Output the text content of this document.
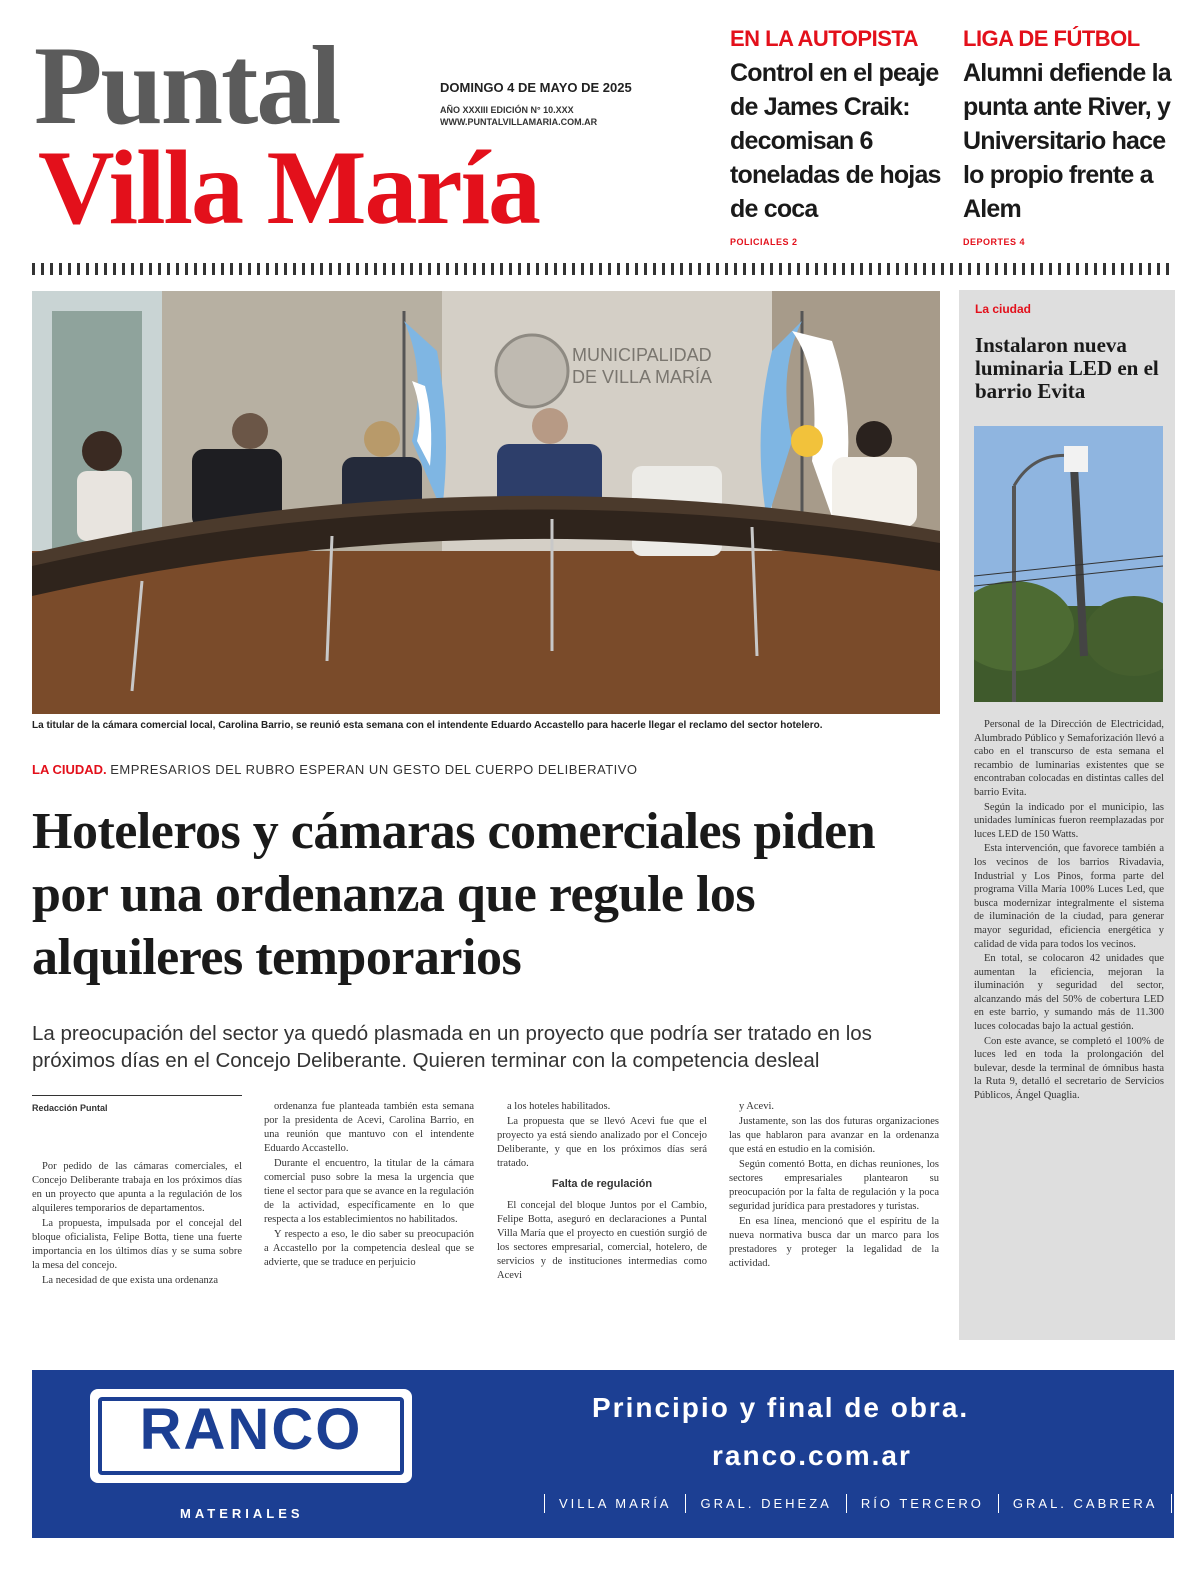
Puntal
Villa María
DOMINGO 4 DE MAYO DE 2025
AÑO XXXIII EDICIÓN N° 10.XXX
WWW.PUNTALVILLAMARIA.COM.AR
EN LA AUTOPISTA
Control en el peaje de James Craik: decomisan 6 toneladas de hojas de coca
POLICIALES 2
LIGA DE FÚTBOL
Alumni defiende la punta ante River, y Universitario hace lo propio frente a Alem
DEPORTES 4
MUNICIPALIDAD
DE VILLA MARÍA
La titular de la cámara comercial local, Carolina Barrio, se reunió esta semana con el intendente Eduardo Accastello para hacerle llegar el reclamo del sector hotelero.
LA CIUDAD. EMPRESARIOS DEL RUBRO ESPERAN UN GESTO DEL CUERPO DELIBERATIVO
Hoteleros y cámaras comerciales piden por una ordenanza que regule los alquileres temporarios
La preocupación del sector ya quedó plasmada en un proyecto que podría ser tratado en los próximos días en el Concejo Deliberante. Quieren terminar con la competencia desleal
Redacción Puntal

Por pedido de las cámaras comerciales, el Concejo Deliberante trabaja en los próximos días en un proyecto que apunta a la regulación de los alquileres temporarios de departamentos.

La propuesta, impulsada por el concejal del bloque oficialista, Felipe Botta, tiene una fuerte importancia en los últimos días y se suma sobre la mesa del concejo.

La necesidad de que exista una ordenanza

ordenanza fue planteada también esta semana por la presidenta de Acevi, Carolina Barrio, en una reunión que mantuvo con el intendente Eduardo Accastello.

Durante el encuentro, la titular de la cámara comercial puso sobre la mesa la urgencia que tiene el sector para que se avance en la regulación de la actividad, específicamente en lo que respecta a los establecimientos no habilitados.

Y respecto a eso, le dio saber su preocupación a Accastello por la competencia desleal que se advierte, que se traduce en perjuicio

a los hoteles habilitados.

La propuesta que se llevó Acevi fue que el proyecto ya está siendo analizado por el Concejo Deliberante, y que en los próximos días será tratado.

Falta de regulación

El concejal del bloque Juntos por el Cambio, Felipe Botta, aseguró en declaraciones a Puntal Villa María que el proyecto en cuestión surgió de los sectores empresarial, comercial, hotelero, de servicios y de instituciones intermedias como Acevi

y Acevi.

Justamente, son las dos futuras organizaciones las que hablaron para avanzar en la ordenanza que está en estudio en la comisión.

Según comentó Botta, en dichas reuniones, los sectores empresariales plantearon su preocupación por la falta de regulación y la poca seguridad jurídica para prestadores y turistas.

En esa línea, mencionó que el espíritu de la nueva normativa busca dar un marco para los prestadores y proteger la legalidad de la actividad.

La ciudad
Instalaron nueva luminaria LED en el barrio Evita

Personal de la Dirección de Electricidad, Alumbrado Público y Semaforización llevó a cabo en el transcurso de esta semana el recambio de luminarias existentes que se encontraban colocadas en distintas calles del barrio Evita.

Según la indicado por el municipio, las unidades lumínicas fueron reemplazadas por luces LED de 150 Watts.

Esta intervención, que favorece también a los vecinos de los barrios Rivadavia, Industrial y Los Pinos, forma parte del programa Villa María 100% Luces Led, que busca modernizar integralmente el sistema de iluminación de la ciudad, para generar mayor seguridad, eficiencia energética y calidad de vida para todos los vecinos.

En total, se colocaron 42 unidades que aumentan la eficiencia, mejoran la iluminación y seguridad del sector, alcanzando más del 50% de cobertura LED en este barrio, y sumando más de 11.300 luces colocadas bajo la actual gestión.

Con este avance, se completó el 100% de luces led en toda la prolongación del bulevar, desde la terminal de ómnibus hasta la Ruta 9, detalló el secretario de Servicios Públicos, Ángel Quaglia.

RANCO
MATERIALES
Principio y final de obra.
ranco.com.ar
VILLA MARÍA	GRAL. DEHEZA	RÍO TERCERO	GRAL. CABRERA
